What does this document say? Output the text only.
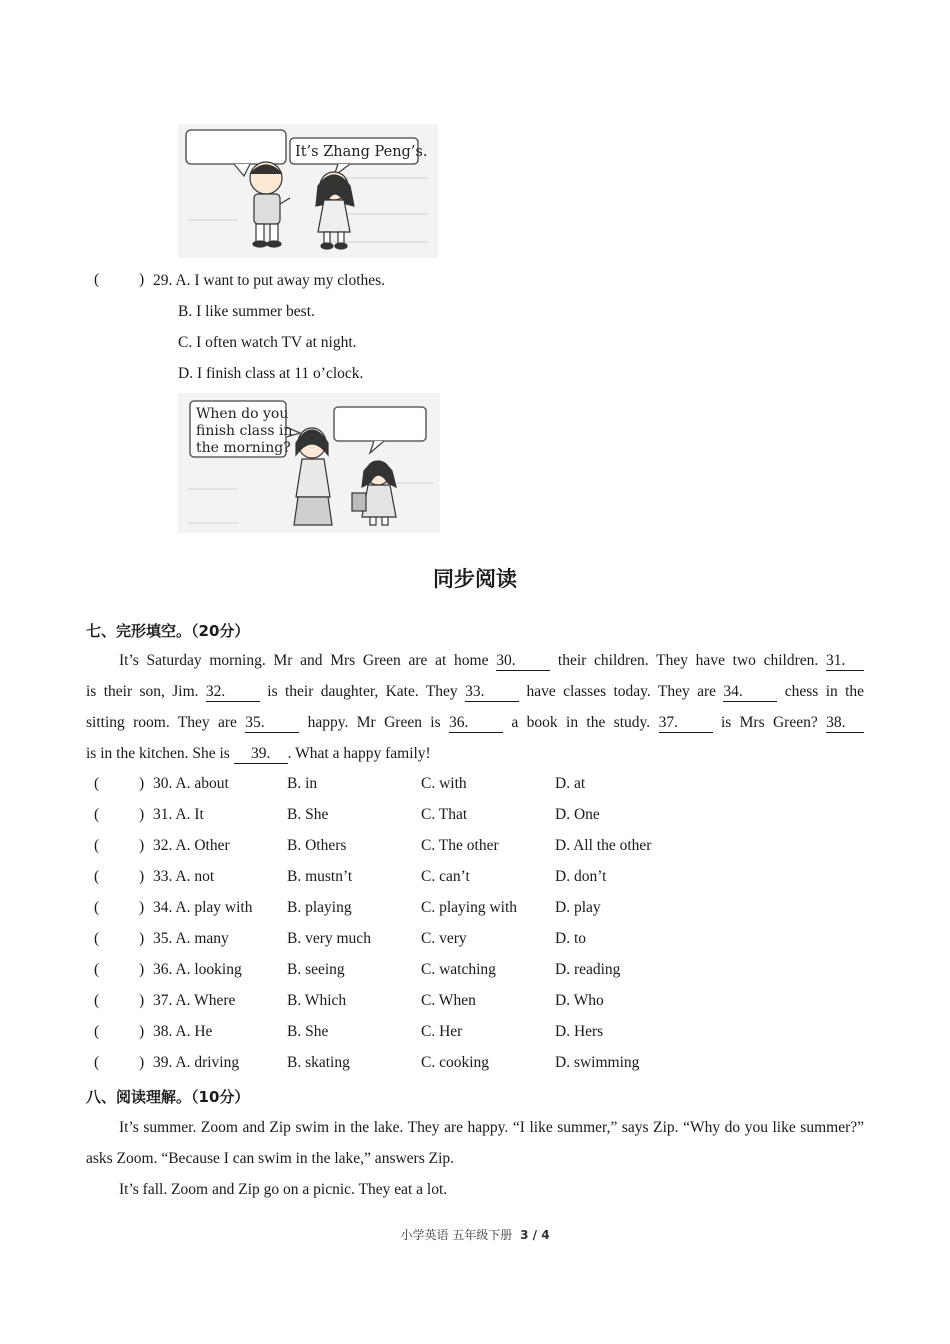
It’s Zhang Peng’s.
(	) 29. A. I want to put away my clothes.
B. I like summer best.
C. I often watch TV at night.
D. I finish class at 11 o’clock.
When do you
finish class in
the morning?
同步阅读
七、完形填空。（20分）
It’s Saturday morning. Mr and Mrs Green are at home 30.	their children. They have two children. 31.
is their son, Jim. 32.	is their daughter, Kate. They 33.	have classes today. They are 34.	chess in the
sitting room. They are 35.	happy. Mr Green is 36.	a book in the study. 37.	is Mrs Green? 38.
is in the kitchen. She is 39. . What a happy family!
(	) 30. A. about	B. in	C. with	D. at
(	) 31. A. It	B. She	C. That	D. One
(	) 32. A. Other	B. Others	C. The other	D. All the other
(	) 33. A. not	B. mustn’t	C. can’t	D. don’t
(	) 34. A. play with B. playing	C. playing with D. play
(	) 35. A. many	B. very much	C. very	D. to
(	) 36. A. looking	B. seeing	C. watching	D. reading
(	) 37. A. Where	B. Which	C. When	D. Who
(	) 38. A. He	B. She	C. Her	D. Hers
(	) 39. A. driving	B. skating	C. cooking	D. swimming
八、阅读理解。（10分）
It’s summer. Zoom and Zip swim in the lake. They are happy. “I like summer,” says Zip. “Why do you like summer?” asks Zoom. “Because I can swim in the lake,” answers Zip.
It’s fall. Zoom and Zip go on a picnic. They eat a lot.
小学英语 五年级下册 3 / 4
